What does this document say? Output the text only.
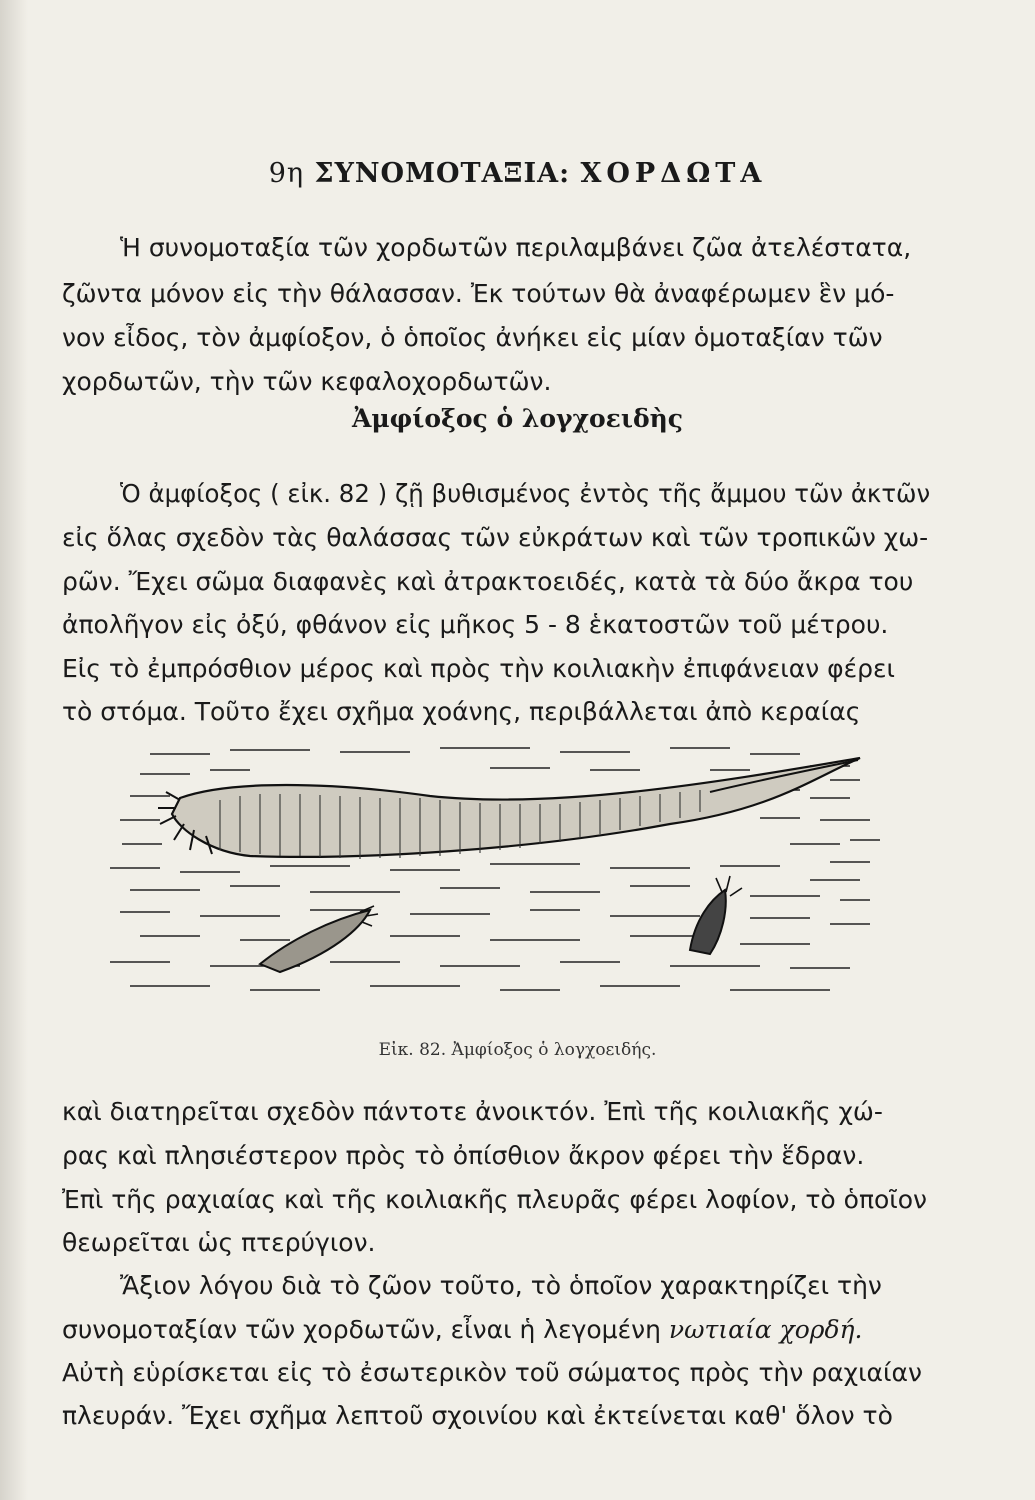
9η ΣΥΝΟΜΟΤΑΞΙΑ: ΧΟΡΔΩΤΑ
Ἡ συνομοταξία τῶν χορδωτῶν περιλαμβάνει ζῶα ἀτελέστατα,
ζῶντα μόνον εἰς τὴν θάλασσαν. Ἐκ τούτων θὰ ἀναφέρωμεν ἓν μό-
νον εἶδος, τὸν ἀμφίοξον, ὁ ὁποῖος ἀνήκει εἰς μίαν ὁμοταξίαν τῶν
χορδωτῶν, τὴν τῶν κεφαλοχορδωτῶν.
Ἀμφίοξος ὁ λογχοειδὴς
Ὁ ἀμφίοξος ( εἰκ. 82 ) ζῇ βυθισμένος ἐντὸς τῆς ἄμμου τῶν ἀκτῶν
εἰς ὅλας σχεδὸν τὰς θαλάσσας τῶν εὐκράτων καὶ τῶν τροπικῶν χω-
ρῶν. Ἔχει σῶμα διαφανὲς καὶ ἀτρακτοειδές, κατὰ τὰ δύο ἄκρα του
ἀπολῆγον εἰς ὀξύ, φθάνον εἰς μῆκος 5 - 8 ἑκατοστῶν τοῦ μέτρου.
Εἰς τὸ ἐμπρόσθιον μέρος καὶ πρὸς τὴν κοιλιακὴν ἐπιφάνειαν φέρει
τὸ στόμα. Τοῦτο ἔχει σχῆμα χοάνης, περιβάλλεται ἀπὸ κεραίας
Εἰκ. 82. Ἀμφίοξος ὁ λογχοειδής.
καὶ διατηρεῖται σχεδὸν πάντοτε ἀνοικτόν. Ἐπὶ τῆς κοιλιακῆς χώ-
ρας καὶ πλησιέστερον πρὸς τὸ ὀπίσθιον ἄκρον φέρει τὴν ἕδραν.
Ἐπὶ τῆς ραχιαίας καὶ τῆς κοιλιακῆς πλευρᾶς φέρει λοφίον, τὸ ὁποῖον
θεωρεῖται ὡς πτερύγιον.
Ἄξιον λόγου διὰ τὸ ζῶον τοῦτο, τὸ ὁποῖον χαρακτηρίζει τὴν
συνομοταξίαν τῶν χορδωτῶν, εἶναι ἡ λεγομένη νωτιαία χορδή.
Αὐτὴ εὑρίσκεται εἰς τὸ ἐσωτερικὸν τοῦ σώματος πρὸς τὴν ραχιαίαν
πλευράν. Ἔχει σχῆμα λεπτοῦ σχοινίου καὶ ἐκτείνεται καθ' ὅλον τὸ
